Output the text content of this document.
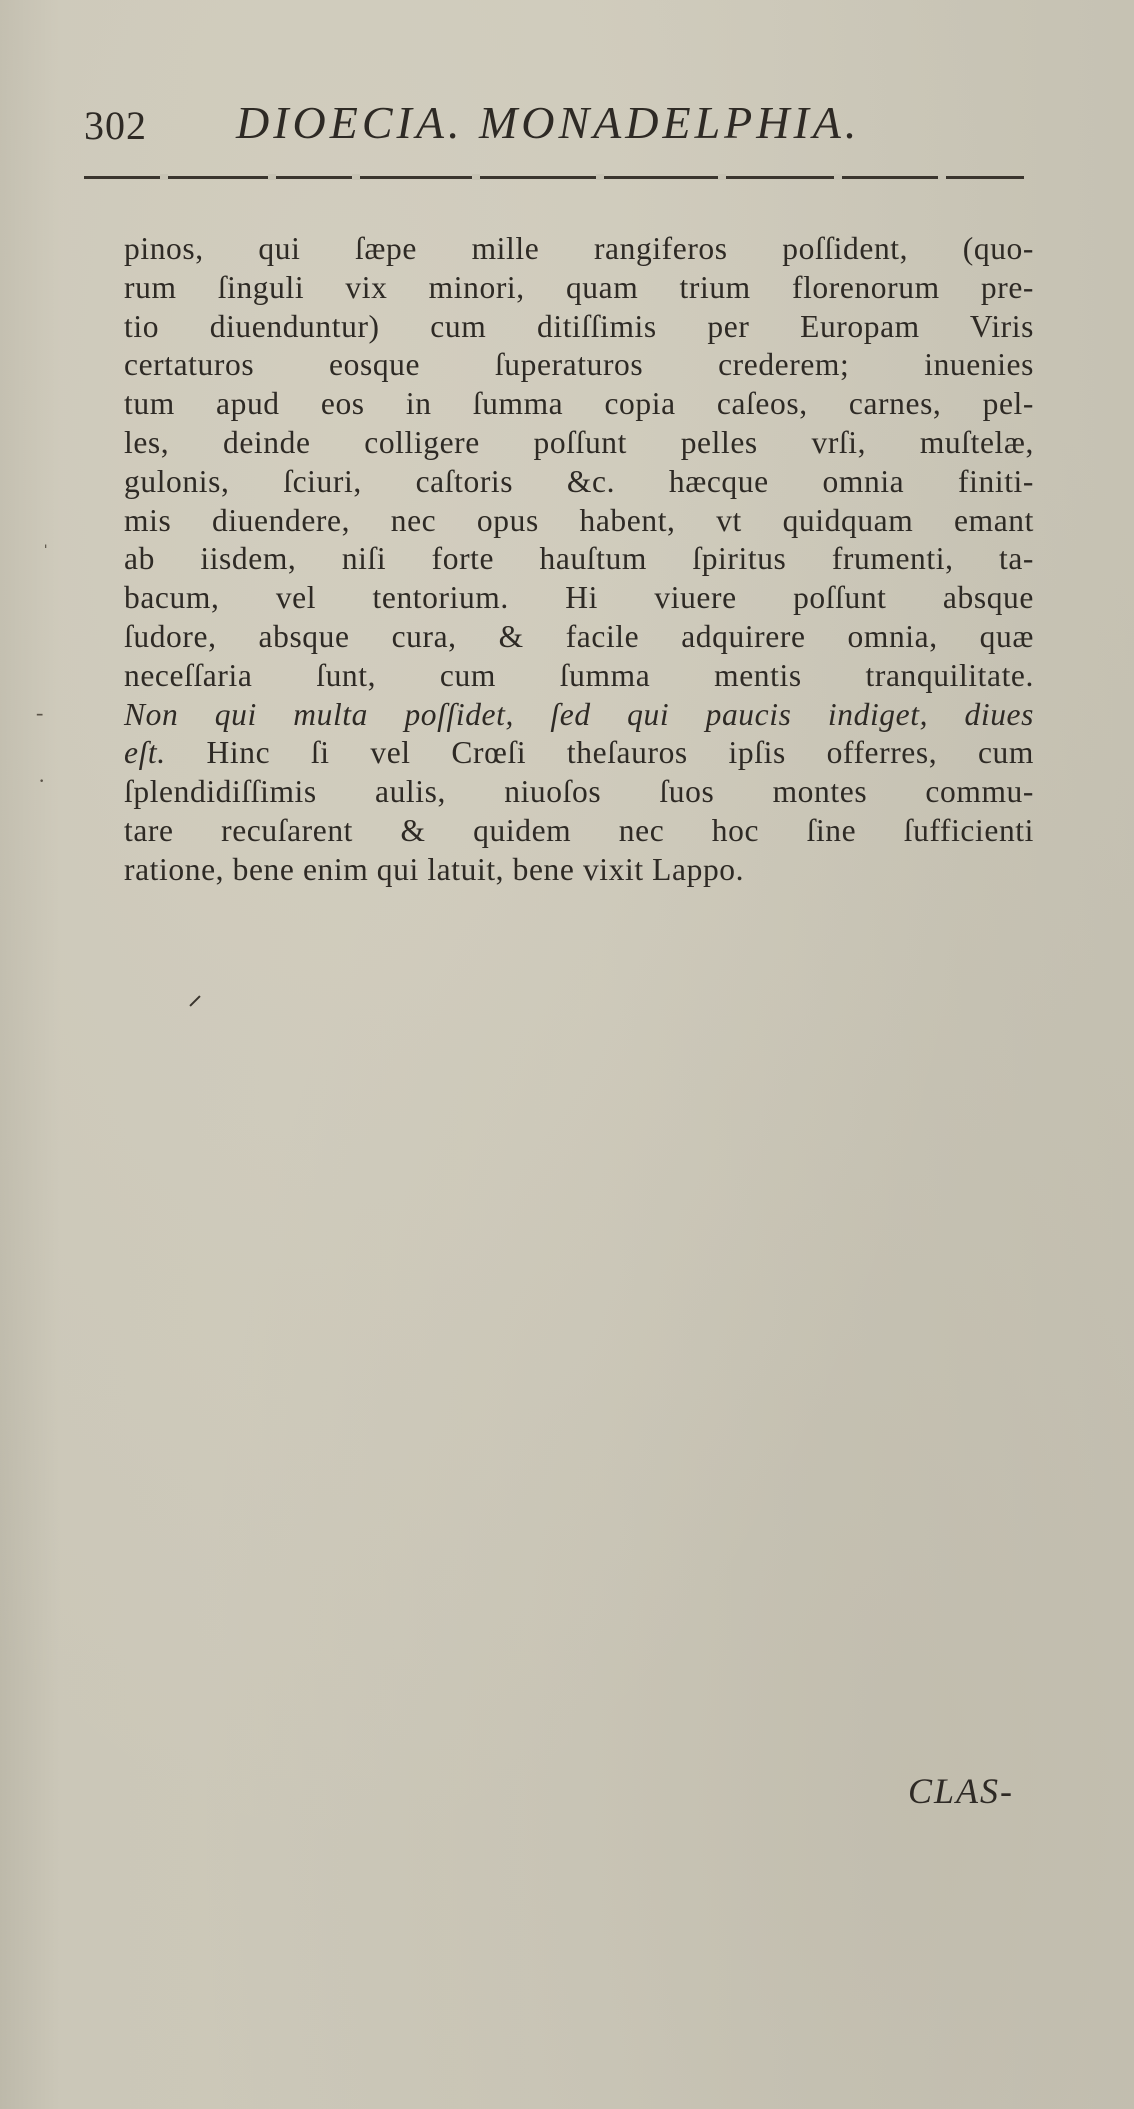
302 DIOECIA. MONADELPHIA.
pinos, qui ſæpe mille rangiferos poſſident, (quo-
rum ſinguli vix minori, quam trium florenorum pre-
tio diuenduntur) cum ditiſſimis per Europam Viris
certaturos eosque ſuperaturos crederem; inuenies
tum apud eos in ſumma copia caſeos, carnes, pel-
les, deinde colligere poſſunt pelles vrſi, muſtelæ,
gulonis, ſciuri, caſtoris &c. hæcque omnia finiti-
mis diuendere, nec opus habent, vt quidquam emant
ab iisdem, niſi forte hauſtum ſpiritus frumenti, ta-
bacum, vel tentorium. Hi viuere poſſunt absque
ſudore, absque cura, & facile adquirere omnia, quæ
neceſſaria ſunt, cum ſumma mentis tranquilitate.
Non qui multa poſſidet, ſed qui paucis indiget, diues
eſt. Hinc ſi vel Crœſi theſauros ipſis offerres, cum
ſplendidiſſimis aulis, niuoſos ſuos montes commu-
tare recuſarent & quidem nec hoc ſine ſufficienti
ratione, bene enim qui latuit, bene vixit Lappo.
ˈ
‐
·
CLAS-
